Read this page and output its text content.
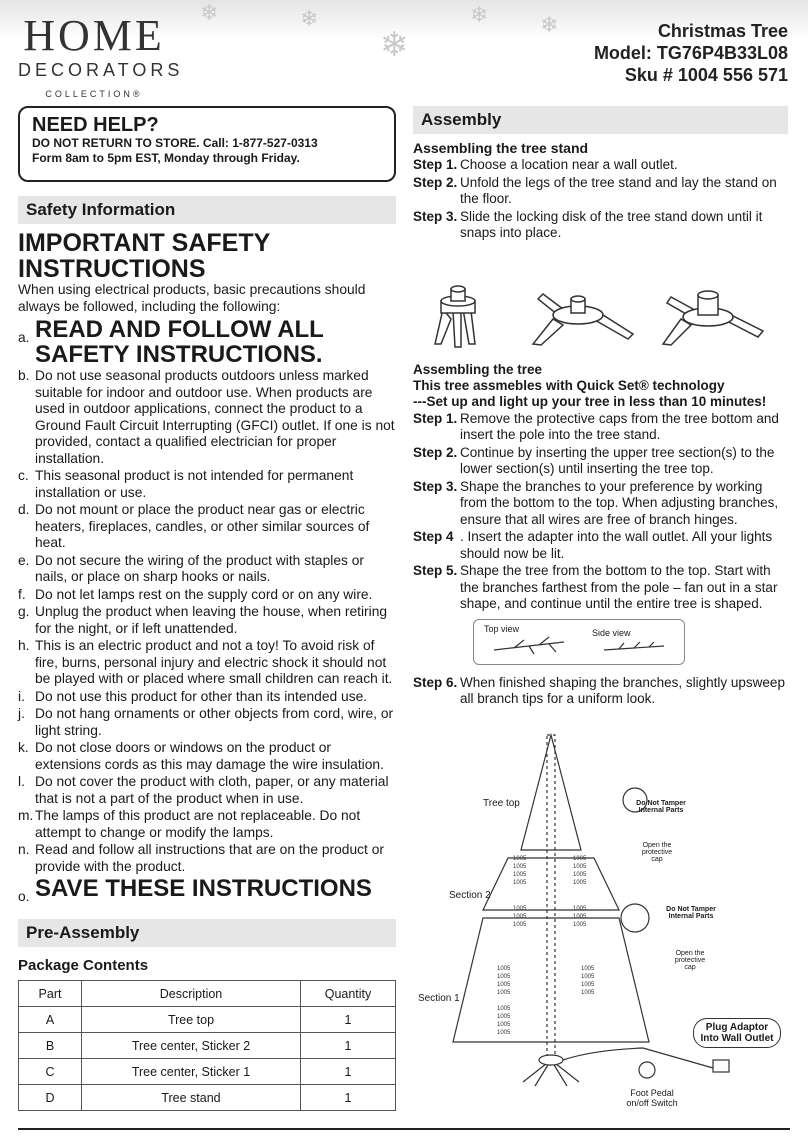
❄	❄
❄
❄ ❄
HOME
DECORATORS
COLLECTION®
Christmas Tree
Model: TG76P4B33L08
Sku # 1004 556 571
NEED HELP?
DO NOT RETURN TO STORE. Call: 1-877-527-0313
Form 8am to 5pm EST, Monday through Friday.
Safety Information
IMPORTANT SAFETY INSTRUCTIONS

When using electrical products, basic precautions should always be followed, including the following:

a. READ AND FOLLOW ALL SAFETY INSTRUCTIONS.
b. Do not use seasonal products outdoors unless marked suitable for indoor and outdoor use. When products are used in outdoor applications, connect the product to a Ground Fault Circuit Interrupting (GFCI) outlet. If one is not provided, contact a qualified electrician for proper installation.
c. This seasonal product is not intended for permanent installation or use.
d. Do not mount or place the product near gas or electric heaters, fireplaces, candles, or other similar sources of heat.
e. Do not secure the wiring of the product with staples or nails, or place on sharp hooks or nails.
f. Do not let lamps rest on the supply cord or on any wire.
g. Unplug the product when leaving the house, when retiring for the night, or if left unattended.
h. This is an electric product and not a toy! To avoid risk of fire, burns, personal injury and electric shock it should not be played with or placed where small children can reach it.
i. Do not use this product for other than its intended use.
j. Do not hang ornaments or other objects from cord, wire, or light string.
k. Do not close doors or windows on the product or extensions cords as this may damage the wire insulation.
l. Do not cover the product with cloth, paper, or any material that is not a part of the product when in use.
m. The lamps of this product are not replaceable. Do not attempt to change or modify the lamps.
n. Read and follow all instructions that are on the product or provide with the product.
o. SAVE THESE INSTRUCTIONS
Pre-Assembly
Package Contents
Part	Description	Quantity
A	Tree top	1
B	Tree center, Sticker 2	1
C	Tree center, Sticker 1	1
D	Tree stand	1
Assembly
Assembling the tree stand
Step 1. Choose a location near a wall outlet.
Step 2. Unfold the legs of the tree stand and lay the stand on the floor.
Step 3. Slide the locking disk of the tree stand down until it snaps into place.
Assembling the tree
This tree assmebles with Quick Set® technology
---Set up and light up your tree in less than 10 minutes!
Step 1. Remove the protective caps from the tree bottom and insert the pole into the tree stand.
Step 2. Continue by inserting the upper tree section(s) to the lower section(s) until inserting the tree top.
Step 3. Shape the branches to your preference by working from the bottom to the top. When adjusting branches, ensure that all wires are free of branch hinges.
Step 4 . Insert the adapter into the wall outlet. All your lights should now be lit.
Step 5. Shape the tree from the bottom to the top. Start with the branches farthest from the pole – fan out in a star shape, and continue until the entire tree is shaped.
Top view	Side view
Step 6. When finished shaping the branches, slightly upsweep all branch tips for a uniform look.
1005
1005
1005
1005
1005
1005
1005
1005
1005
1005
1005
1005
1005
1005
1005
1005
1005
1005
1005
1005
1005
1005
1005
1005
1005
1005
Tree top
Section 2
Section 1
Do Not Tamper Internal Parts
Do Not Tamper Internal Parts
Open the protective cap
Open the protective cap
Plug Adaptor Into Wall Outlet
Foot Pedal on/off Switch
